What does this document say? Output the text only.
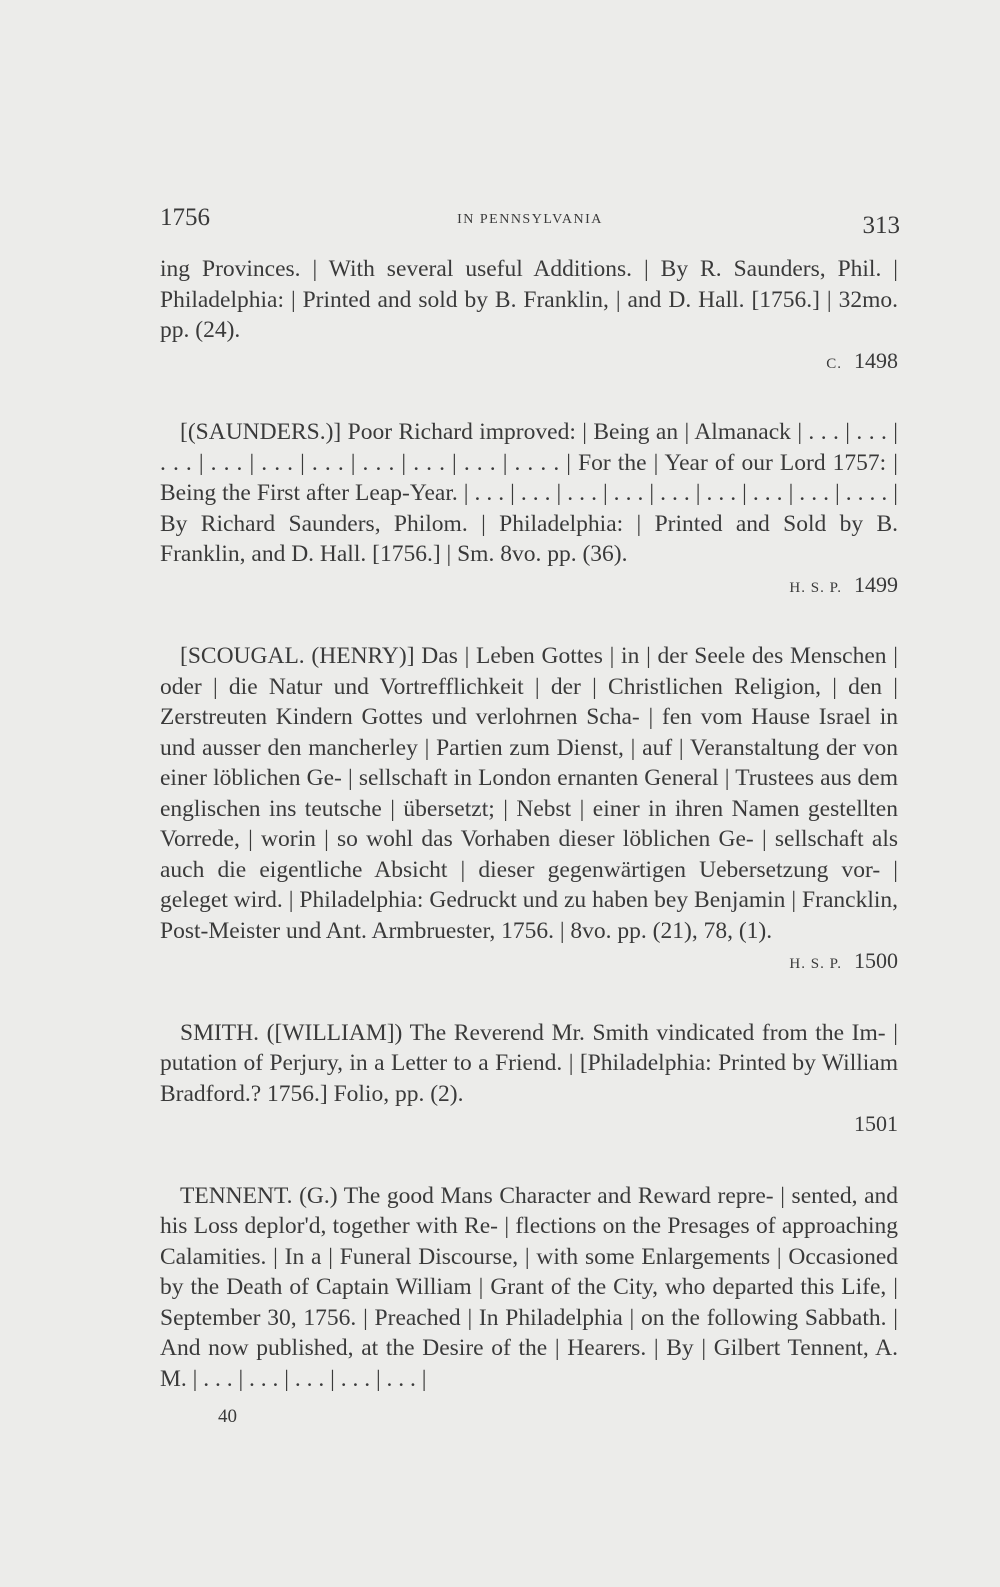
1756	IN PENNSYLVANIA	313
ing Provinces. | With several useful Additions. | By R. Saunders, Phil. | Philadelphia: | Printed and sold by B. Franklin, | and D. Hall. [1756.] | 32mo. pp. (24).
C. 1498
[(SAUNDERS.)] Poor Richard improved: | Being an | Almanack | . . . | . . . | . . . | . . . | . . . | . . . | . . . | . . . | . . . | . . . . | For the | Year of our Lord 1757: | Being the First after Leap-Year. | . . . | . . . | . . . | . . . | . . . | . . . | . . . | . . . | . . . . | By Richard Saunders, Philom. | Philadelphia: | Printed and Sold by B. Franklin, and D. Hall. [1756.] | Sm. 8vo. pp. (36).
H. S. P. 1499
[SCOUGAL. (HENRY)] Das | Leben Gottes | in | der Seele des Menschen | oder | die Natur und Vortrefflichkeit | der | Christlichen Religion, | den | Zerstreuten Kindern Gottes und verlohrnen Scha- | fen vom Hause Israel in und ausser den mancherley | Partien zum Dienst, | auf | Veranstaltung der von einer löblichen Ge- | sellschaft in London ernanten General | Trustees aus dem englischen ins teutsche | übersetzt; | Nebst | einer in ihren Namen gestellten Vorrede, | worin | so wohl das Vorhaben dieser löblichen Ge- | sellschaft als auch die eigentliche Absicht | dieser gegenwärtigen Uebersetzung vor- | geleget wird. | Philadelphia: Gedruckt und zu haben bey Benjamin | Francklin, Post-Meister und Ant. Armbruester, 1756. | 8vo. pp. (21), 78, (1).
H. S. P. 1500
SMITH. ([WILLIAM]) The Reverend Mr. Smith vindicated from the Im- | putation of Perjury, in a Letter to a Friend. | [Philadelphia: Printed by William Bradford.? 1756.] Folio, pp. (2).
1501
TENNENT. (G.) The good Mans Character and Reward repre- | sented, and his Loss deplor'd, together with Re- | flections on the Presages of approaching Calamities. | In a | Funeral Discourse, | with some Enlargements | Occasioned by the Death of Captain William | Grant of the City, who departed this Life, | September 30, 1756. | Preached | In Philadelphia | on the following Sabbath. | And now published, at the Desire of the | Hearers. | By | Gilbert Tennent, A. M. | . . . | . . . | . . . | . . . | . . . |
40
